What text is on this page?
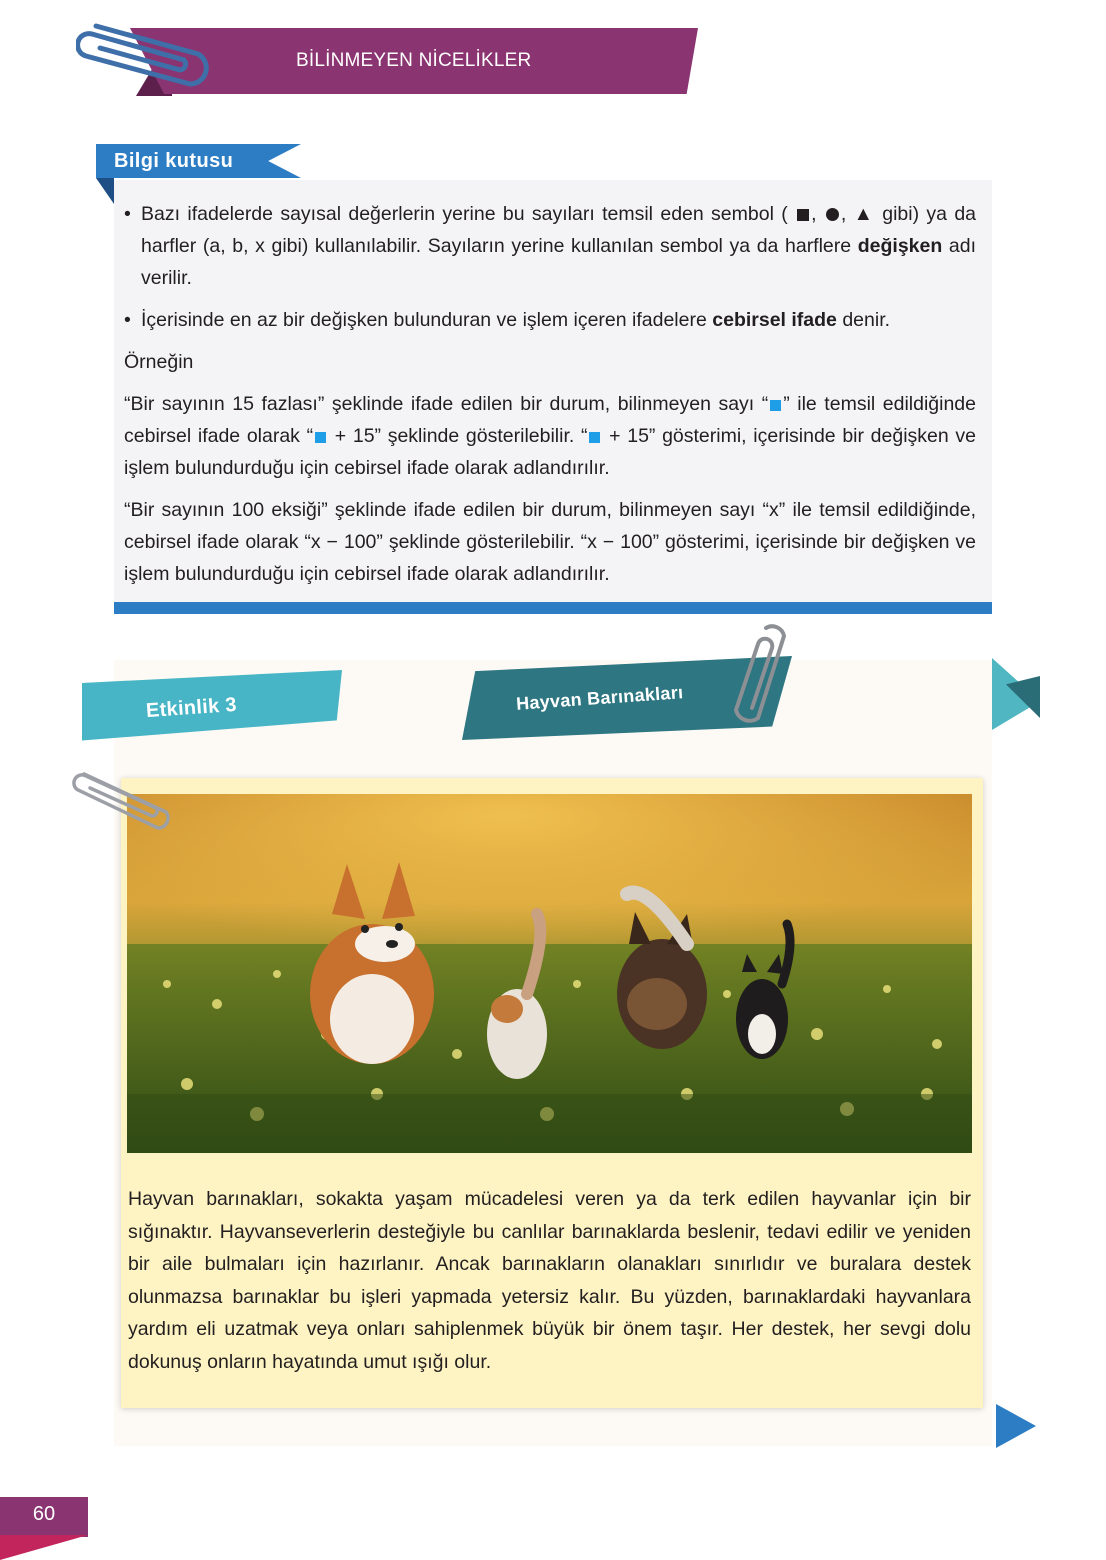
BİLİNMEYEN NİCELİKLER
Bilgi kutusu

• Bazı ifadelerde sayısal değerlerin yerine bu sayıları temsil eden sembol ( , , ▲ gibi) ya da harfler (a, b, x gibi) kullanılabilir. Sayıların yerine kullanılan sembol ya da harflere değişken adı verilir.

• İçerisinde en az bir değişken bulunduran ve işlem içeren ifadelere cebirsel ifade denir.

Örneğin

“Bir sayının 15 fazlası” şeklinde ifade edilen bir durum, bilinmeyen sayı “ ” ile temsil edildiğinde cebirsel ifade olarak “ + 15” şeklinde gösterilebilir. “ + 15” gösterimi, içerisinde bir değişken ve işlem bulundurduğu için cebirsel ifade olarak adlandırılır.

“Bir sayının 100 eksiği” şeklinde ifade edilen bir durum, bilinmeyen sayı “x” ile temsil edildiğinde, cebirsel ifade olarak “x − 100” şeklinde gösterilebilir. “x − 100” gösterimi, içerisinde bir değişken ve işlem bulundurduğu için cebirsel ifade olarak adlandırılır.

Etkinlik 3	Hayvan Barınakları
Hayvan barınakları, sokakta yaşam mücadelesi veren ya da terk edilen hayvanlar için bir sığınaktır. Hayvanseverlerin desteğiyle bu canlılar barınaklarda beslenir, tedavi edilir ve yeniden bir aile bulmaları için hazırlanır. Ancak barınakların olanakları sınırlıdır ve buralara destek olunmazsa barınaklar bu işleri yapmada yetersiz kalır. Bu yüzden, barınaklardaki hayvanlara yardım eli uzatmak veya onları sahiplenmek büyük bir önem taşır. Her destek, her sevgi dolu dokunuş onların hayatında umut ışığı olur.
60
